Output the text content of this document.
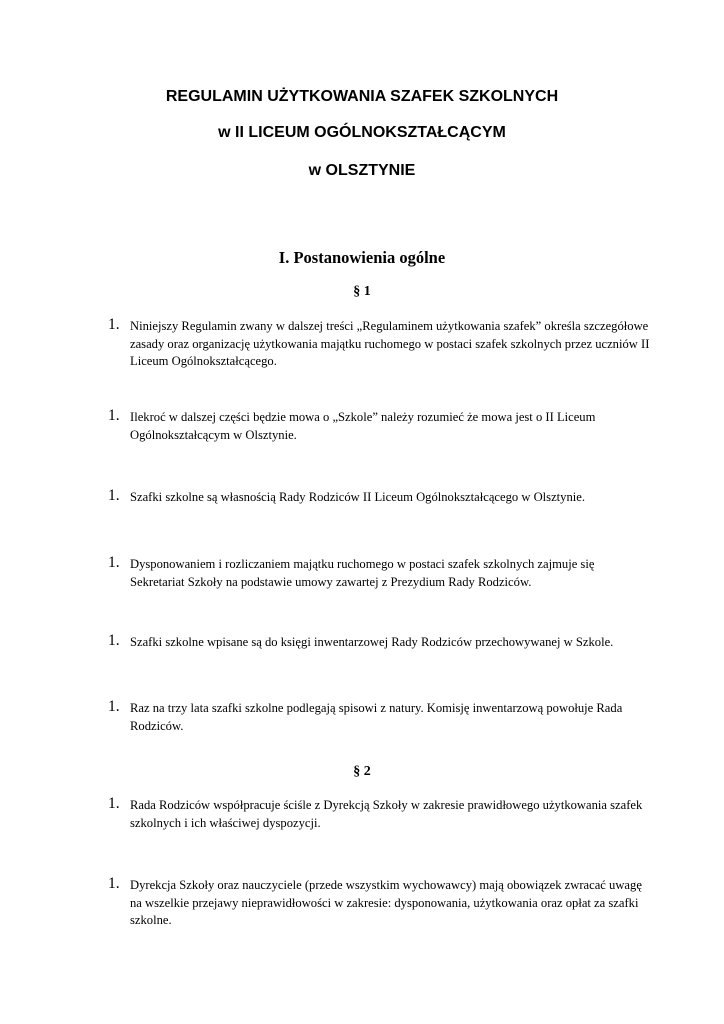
REGULAMIN UŻYTKOWANIA SZAFEK SZKOLNYCH
w II LICEUM OGÓLNOKSZTAŁCĄCYM
w OLSZTYNIE
I. Postanowienia ogólne
§ 1
1. Niniejszy Regulamin zwany w dalszej treści „Regulaminem użytkowania szafek” określa szczegółowe zasady oraz organizację użytkowania majątku ruchomego w postaci szafek szkolnych przez uczniów II Liceum Ogólnokształcącego.

1. Ilekroć w dalszej części będzie mowa o „Szkole” należy rozumieć że mowa jest o II Liceum Ogólnokształcącym w Olsztynie.

1. Szafki szkolne są własnością Rady Rodziców II Liceum Ogólnokształcącego w Olsztynie.

1. Dysponowaniem i rozliczaniem majątku ruchomego w postaci szafek szkolnych zajmuje się Sekretariat Szkoły na podstawie umowy zawartej z Prezydium Rady Rodziców.

1. Szafki szkolne wpisane są do księgi inwentarzowej Rady Rodziców przechowywanej w Szkole.

1. Raz na trzy lata szafki szkolne podlegają spisowi z natury. Komisję inwentarzową powołuje Rada Rodziców.

§ 2
1. Rada Rodziców współpracuje ściśle z Dyrekcją Szkoły w zakresie prawidłowego użytkowania szafek szkolnych i ich właściwej dyspozycji.

1. Dyrekcja Szkoły oraz nauczyciele (przede wszystkim wychowawcy) mają obowiązek zwracać uwagę na wszelkie przejawy nieprawidłowości w zakresie: dysponowania, użytkowania oraz opłat za szafki szkolne.
